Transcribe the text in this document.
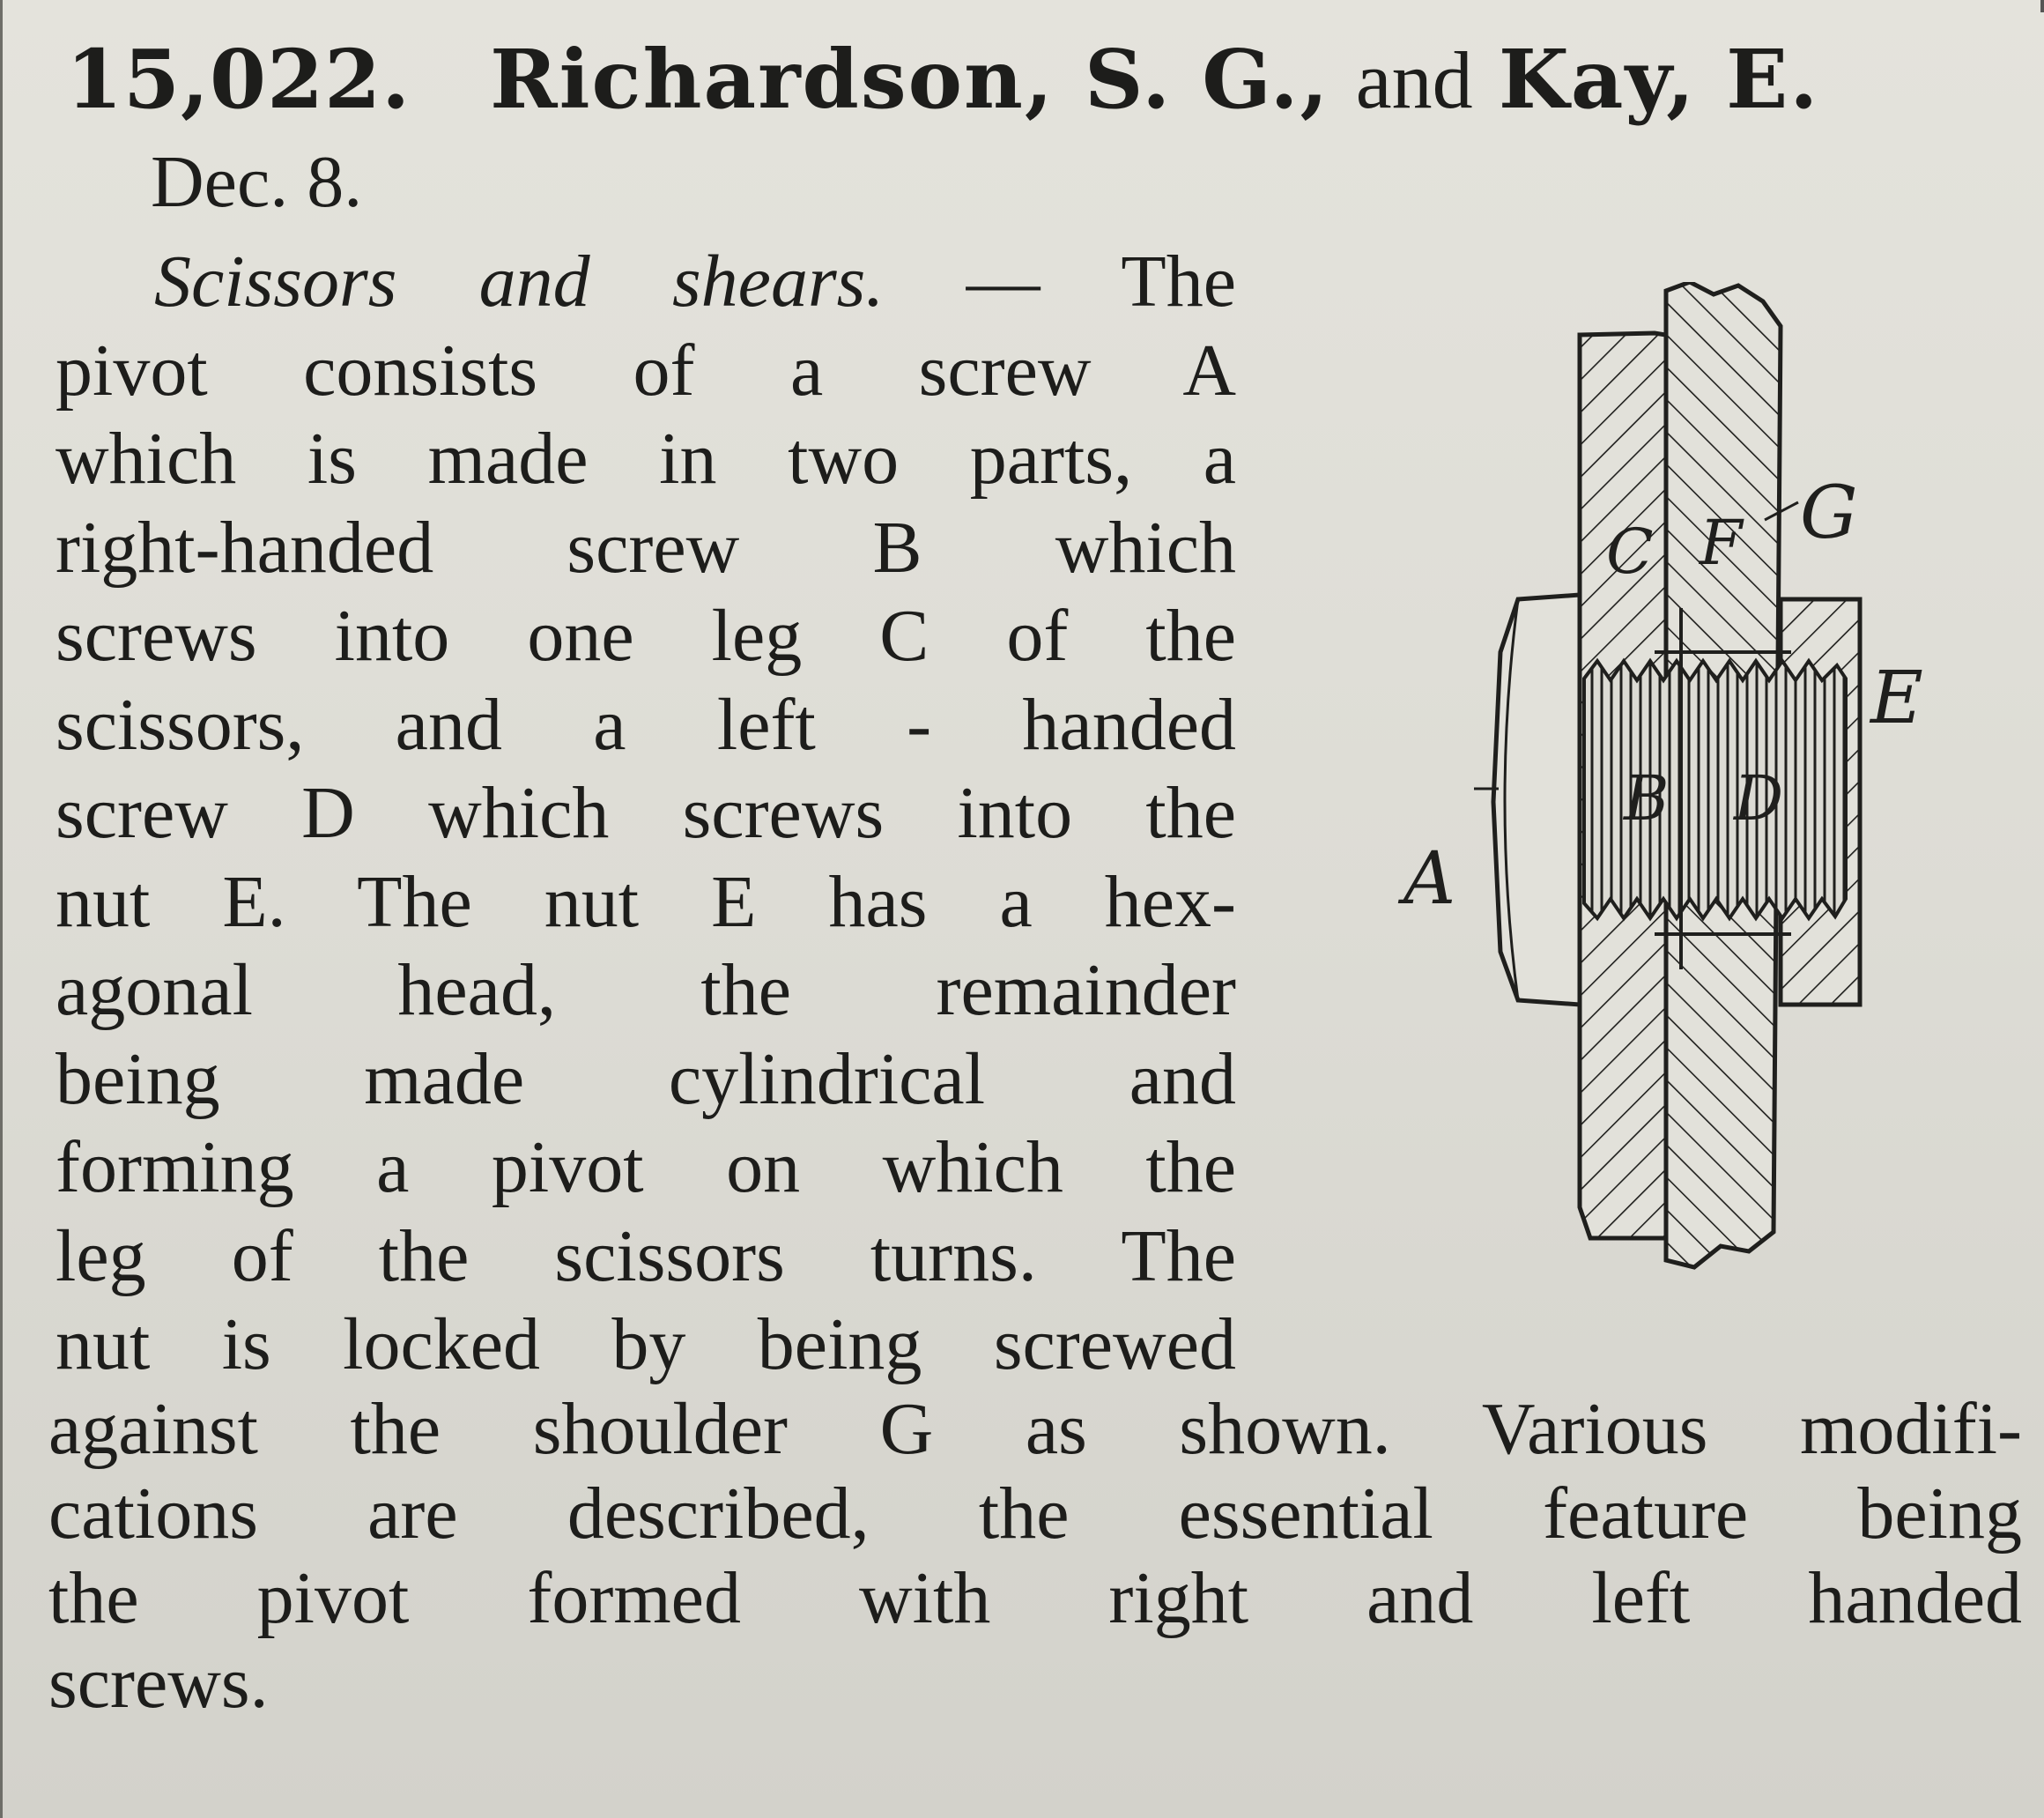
15,022. Richardson, S. G., and Kay, E.
Dec. 8.
Scissors and shears. — The
pivot consists of a screw A
which is made in two parts, a
right-handed screw B which
screws into one leg C of the
scissors, and a left - handed
screw D which screws into the
nut E. The nut E has a hex-
agonal head, the remainder
being made cylindrical and
forming a pivot on which the
leg of the scissors turns. The
nut is locked by being screwed
against the shoulder G as shown. Various modifi-
cations are described, the essential feature being
the pivot formed with right and left handed
screws.
C F G
E
B D
A
